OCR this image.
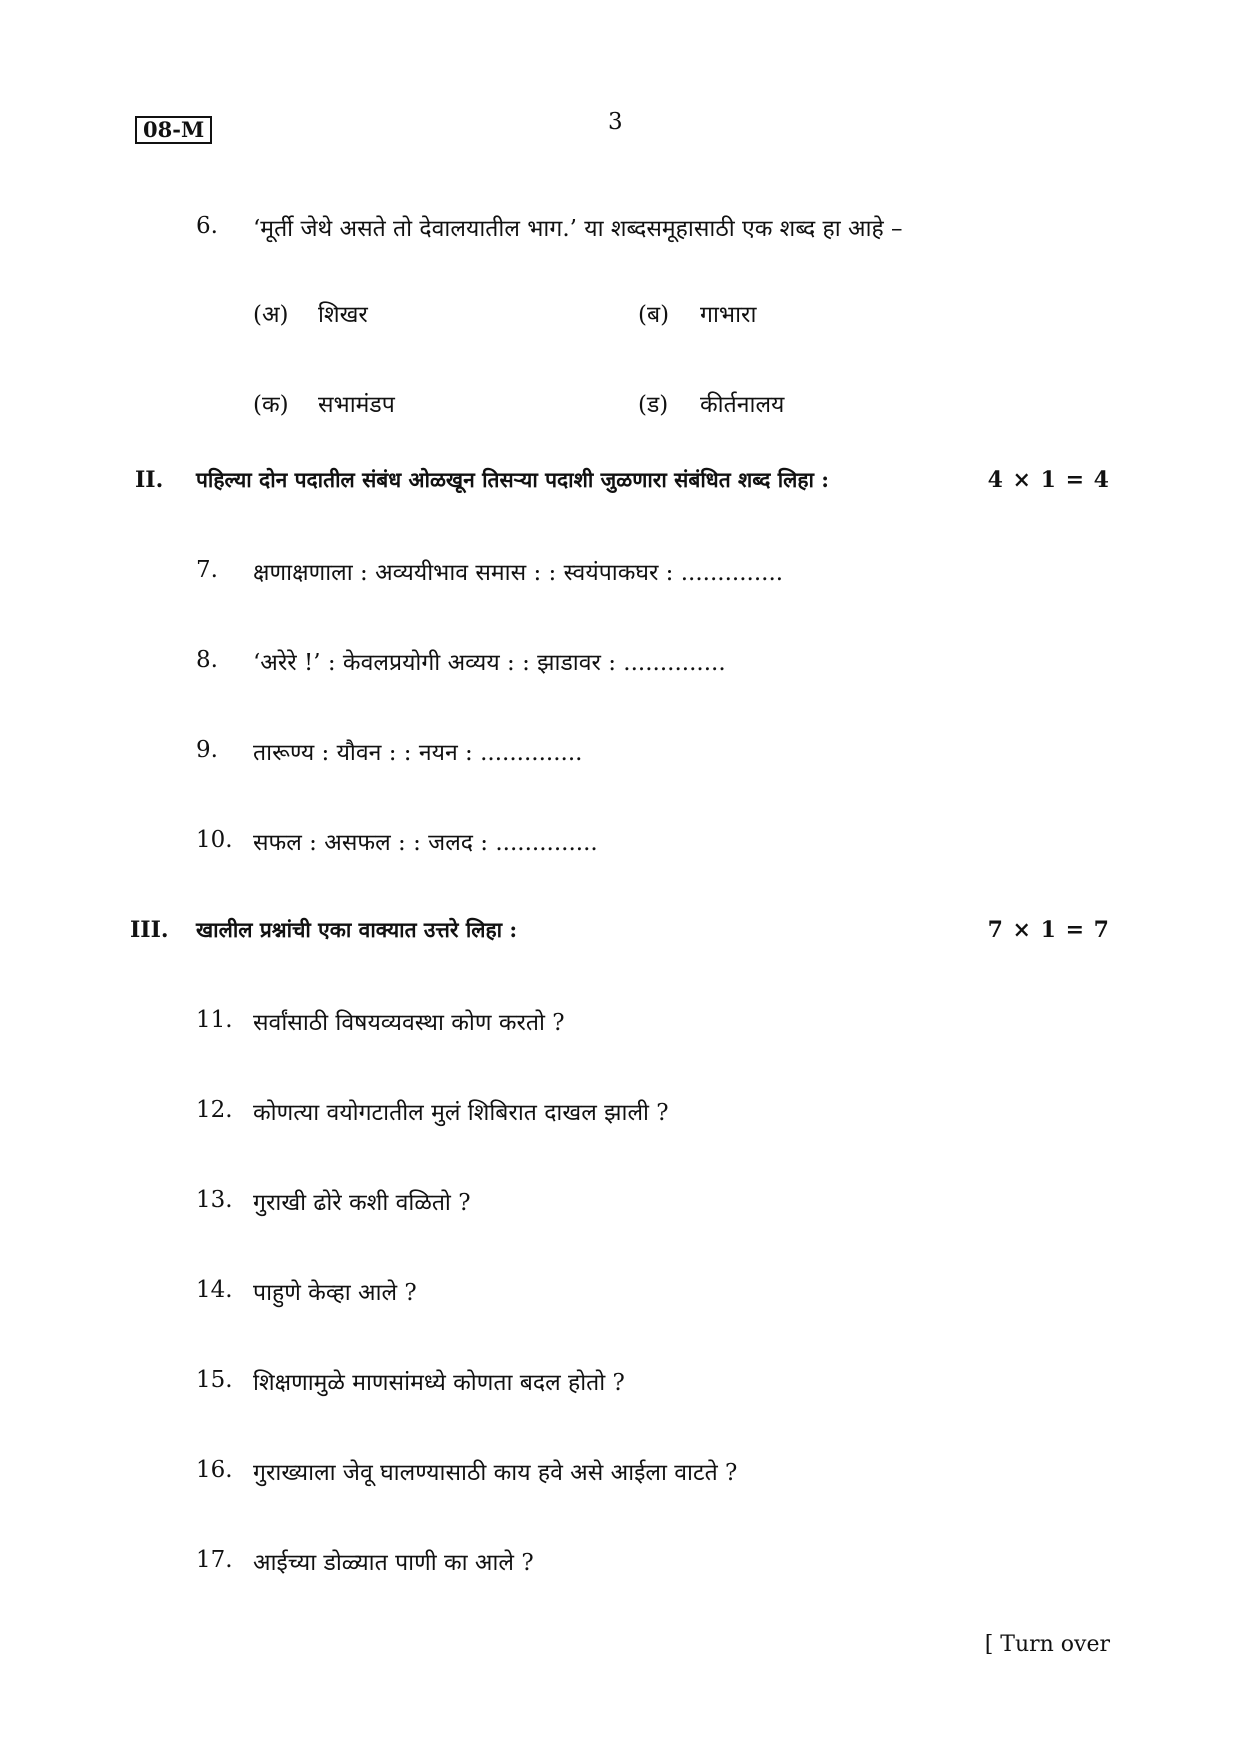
08-M	3
6. ‘मूर्ती जेथे असते तो देवालयातील भाग.’ या शब्दसमूहासाठी एक शब्द हा आहे –
(अ) शिखर	(ब) गाभारा
(क) सभामंडप	(ड) कीर्तनालय
II. पहिल्या दोन पदातील संबंध ओळखून तिसऱ्या पदाशी जुळणारा संबंधित शब्द लिहा :	4 × 1 = 4
7. क्षणाक्षणाला : अव्ययीभाव समास : : स्वयंपाकघर : ..............
8. ‘अरेरे !’ : केवलप्रयोगी अव्यय : : झाडावर : ..............
9. तारूण्य : यौवन : : नयन : ..............
10. सफल : असफल : : जलद : ..............
III. खालील प्रश्नांची एका वाक्यात उत्तरे लिहा :	7 × 1 = 7
11. सर्वांसाठी विषयव्यवस्था कोण करतो ?
12. कोणत्या वयोगटातील मुलं शिबिरात दाखल झाली ?
13. गुराखी ढोरे कशी वळितो ?
14. पाहुणे केव्हा आले ?
15. शिक्षणामुळे माणसांमध्ये कोणता बदल होतो ?
16. गुराख्याला जेवू घालण्यासाठी काय हवे असे आईला वाटते ?
17. आईच्या डोळ्यात पाणी का आले ?
[ Turn over
